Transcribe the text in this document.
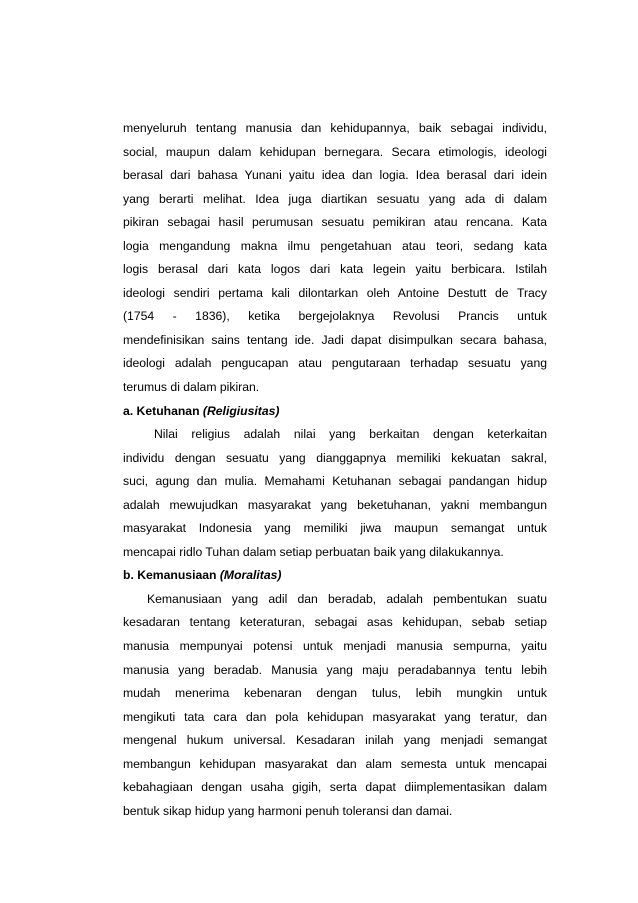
menyeluruh tentang manusia dan kehidupannya, baik sebagai individu,
social, maupun dalam kehidupan bernegara. Secara etimologis, ideologi
berasal dari bahasa Yunani yaitu idea dan logia. Idea berasal dari idein
yang berarti melihat. Idea juga diartikan sesuatu yang ada di dalam
pikiran sebagai hasil perumusan sesuatu pemikiran atau rencana. Kata
logia mengandung makna ilmu pengetahuan atau teori, sedang kata
logis berasal dari kata logos dari kata legein yaitu berbicara. Istilah
ideologi sendiri pertama kali dilontarkan oleh Antoine Destutt de Tracy
(1754 - 1836), ketika bergejolaknya Revolusi Prancis untuk
mendefinisikan sains tentang ide. Jadi dapat disimpulkan secara bahasa,
ideologi adalah pengucapan atau pengutaraan terhadap sesuatu yang
terumus di dalam pikiran.
a. Ketuhanan (Religiusitas)
Nilai religius adalah nilai yang berkaitan dengan keterkaitan
individu dengan sesuatu yang dianggapnya memiliki kekuatan sakral,
suci, agung dan mulia. Memahami Ketuhanan sebagai pandangan hidup
adalah mewujudkan masyarakat yang beketuhanan, yakni membangun
masyarakat Indonesia yang memiliki jiwa maupun semangat untuk
mencapai ridlo Tuhan dalam setiap perbuatan baik yang dilakukannya.
b. Kemanusiaan (Moralitas)
Kemanusiaan yang adil dan beradab, adalah pembentukan suatu
kesadaran tentang keteraturan, sebagai asas kehidupan, sebab setiap
manusia mempunyai potensi untuk menjadi manusia sempurna, yaitu
manusia yang beradab. Manusia yang maju peradabannya tentu lebih
mudah menerima kebenaran dengan tulus, lebih mungkin untuk
mengikuti tata cara dan pola kehidupan masyarakat yang teratur, dan
mengenal hukum universal. Kesadaran inilah yang menjadi semangat
membangun kehidupan masyarakat dan alam semesta untuk mencapai
kebahagiaan dengan usaha gigih, serta dapat diimplementasikan dalam
bentuk sikap hidup yang harmoni penuh toleransi dan damai.
